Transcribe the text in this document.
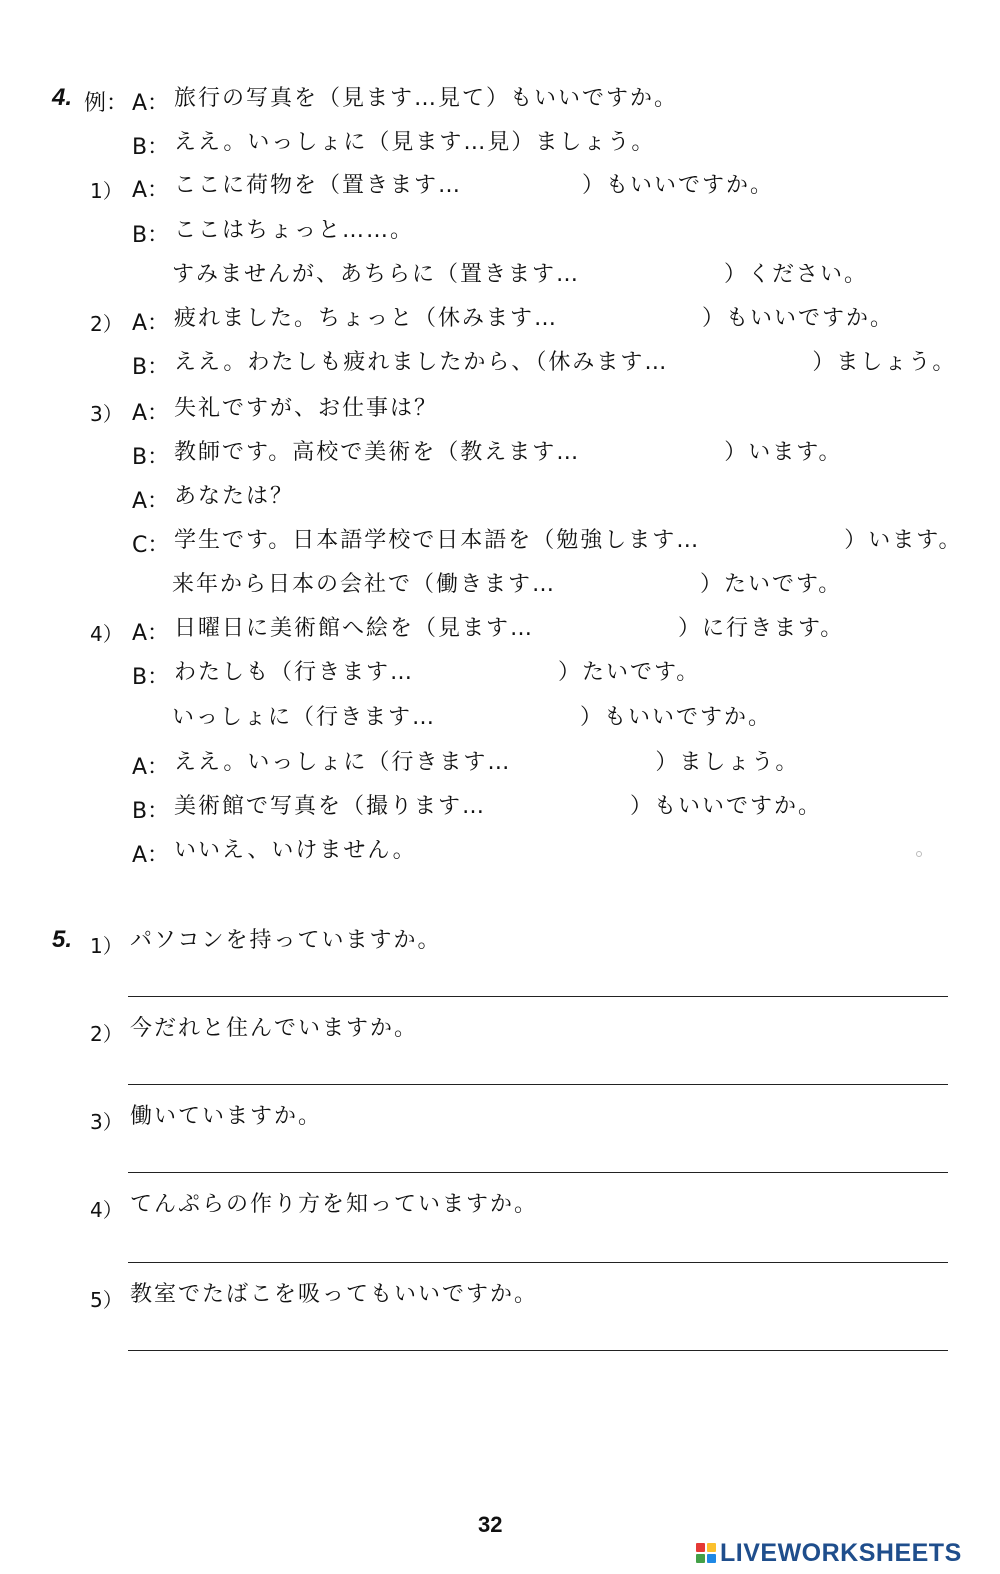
4. 例： A： 旅行の写真を（見ます…見て）もいいですか。
B： ええ。いっしょに（見ます…見）ましょう。
1） A： ここに荷物を（置きます…　　　　　）もいいですか。
B： ここはちょっと……。
すみませんが、あちらに（置きます…　　　　　　）ください。
2） A： 疲れました。ちょっと（休みます…　　　　　　）もいいですか。
B： ええ。わたしも疲れましたから、（休みます…　　　　　　）ましょう。
3） A： 失礼ですが、お仕事は？
B： 教師です。高校で美術を（教えます…　　　　　　）います。
A： あなたは？
C： 学生です。日本語学校で日本語を（勉強します…　　　　　　）います。
来年から日本の会社で（働きます…　　　　　　）たいです。
4） A： 日曜日に美術館へ絵を（見ます…　　　　　　）に行きます。
B： わたしも（行きます…　　　　　　）たいです。
いっしょに（行きます…　　　　　　）もいいですか。
A： ええ。いっしょに（行きます…　　　　　　）ましょう。
B： 美術館で写真を（撮ります…　　　　　　）もいいですか。
A： いいえ、いけません。
5. 1） パソコンを持っていますか。
2） 今だれと住んでいますか。
3） 働いていますか。
4） てんぷらの作り方を知っていますか。
5） 教室でたばこを吸ってもいいですか。
32
LIVEWORKSHEETS
